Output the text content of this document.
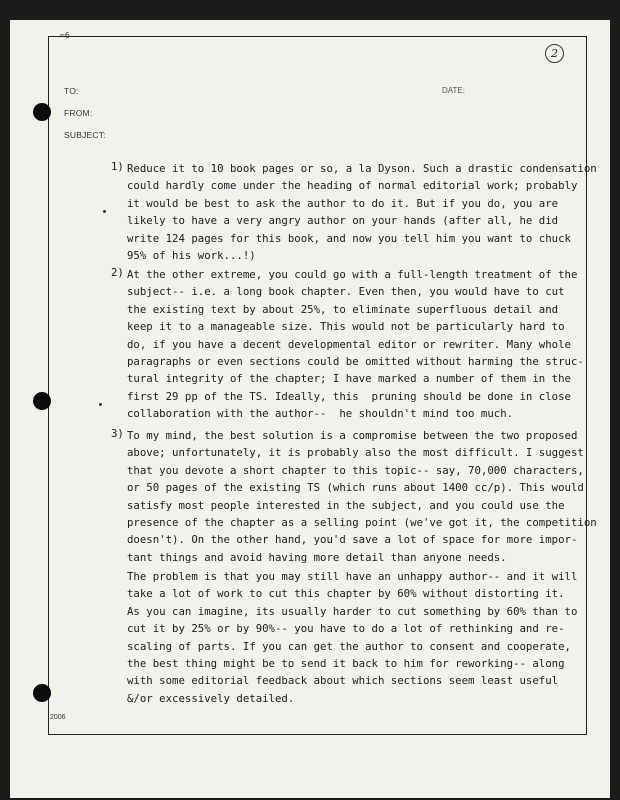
⌐6
2
TO:
FROM:
SUBJECT:
DATE:
1) Reduce it to 10 book pages or so, a la Dyson. Such a drastic condensation
could hardly come under the heading of normal editorial work; probably
it would be best to ask the author to do it. But if you do, you are
likely to have a very angry author on your hands (after all, he did
write 124 pages for this book, and now you tell him you want to chuck
95% of his work...!)
2) At the other extreme, you could go with a full-length treatment of the
subject-- i.e. a long book chapter. Even then, you would have to cut
the existing text by about 25%, to eliminate superfluous detail and
keep it to a manageable size. This would not be particularly hard to
do, if you have a decent developmental editor or rewriter. Many whole
paragraphs or even sections could be omitted without harming the struc-
tural integrity of the chapter; I have marked a number of them in the
first 29 pp of the TS. Ideally, this  pruning should be done in close
collaboration with the author--  he shouldn't mind too much.
3) To my mind, the best solution is a compromise between the two proposed
above; unfortunately, it is probably also the most difficult. I suggest
that you devote a short chapter to this topic-- say, 70,000 characters,
or 50 pages of the existing TS (which runs about 1400 cc/p). This would
satisfy most people interested in the subject, and you could use the
presence of the chapter as a selling point (we've got it, the competition
doesn't). On the other hand, you'd save a lot of space for more impor-
tant things and avoid having more detail than anyone needs.
The problem is that you may still have an unhappy author-- and it will
take a lot of work to cut this chapter by 60% without distorting it.
As you can imagine, its usually harder to cut something by 60% than to
cut it by 25% or by 90%-- you have to do a lot of rethinking and re-
scaling of parts. If you can get the author to consent and cooperate,
the best thing might be to send it back to him for reworking-- along
with some editorial feedback about which sections seem least useful
&/or excessively detailed.
2006
